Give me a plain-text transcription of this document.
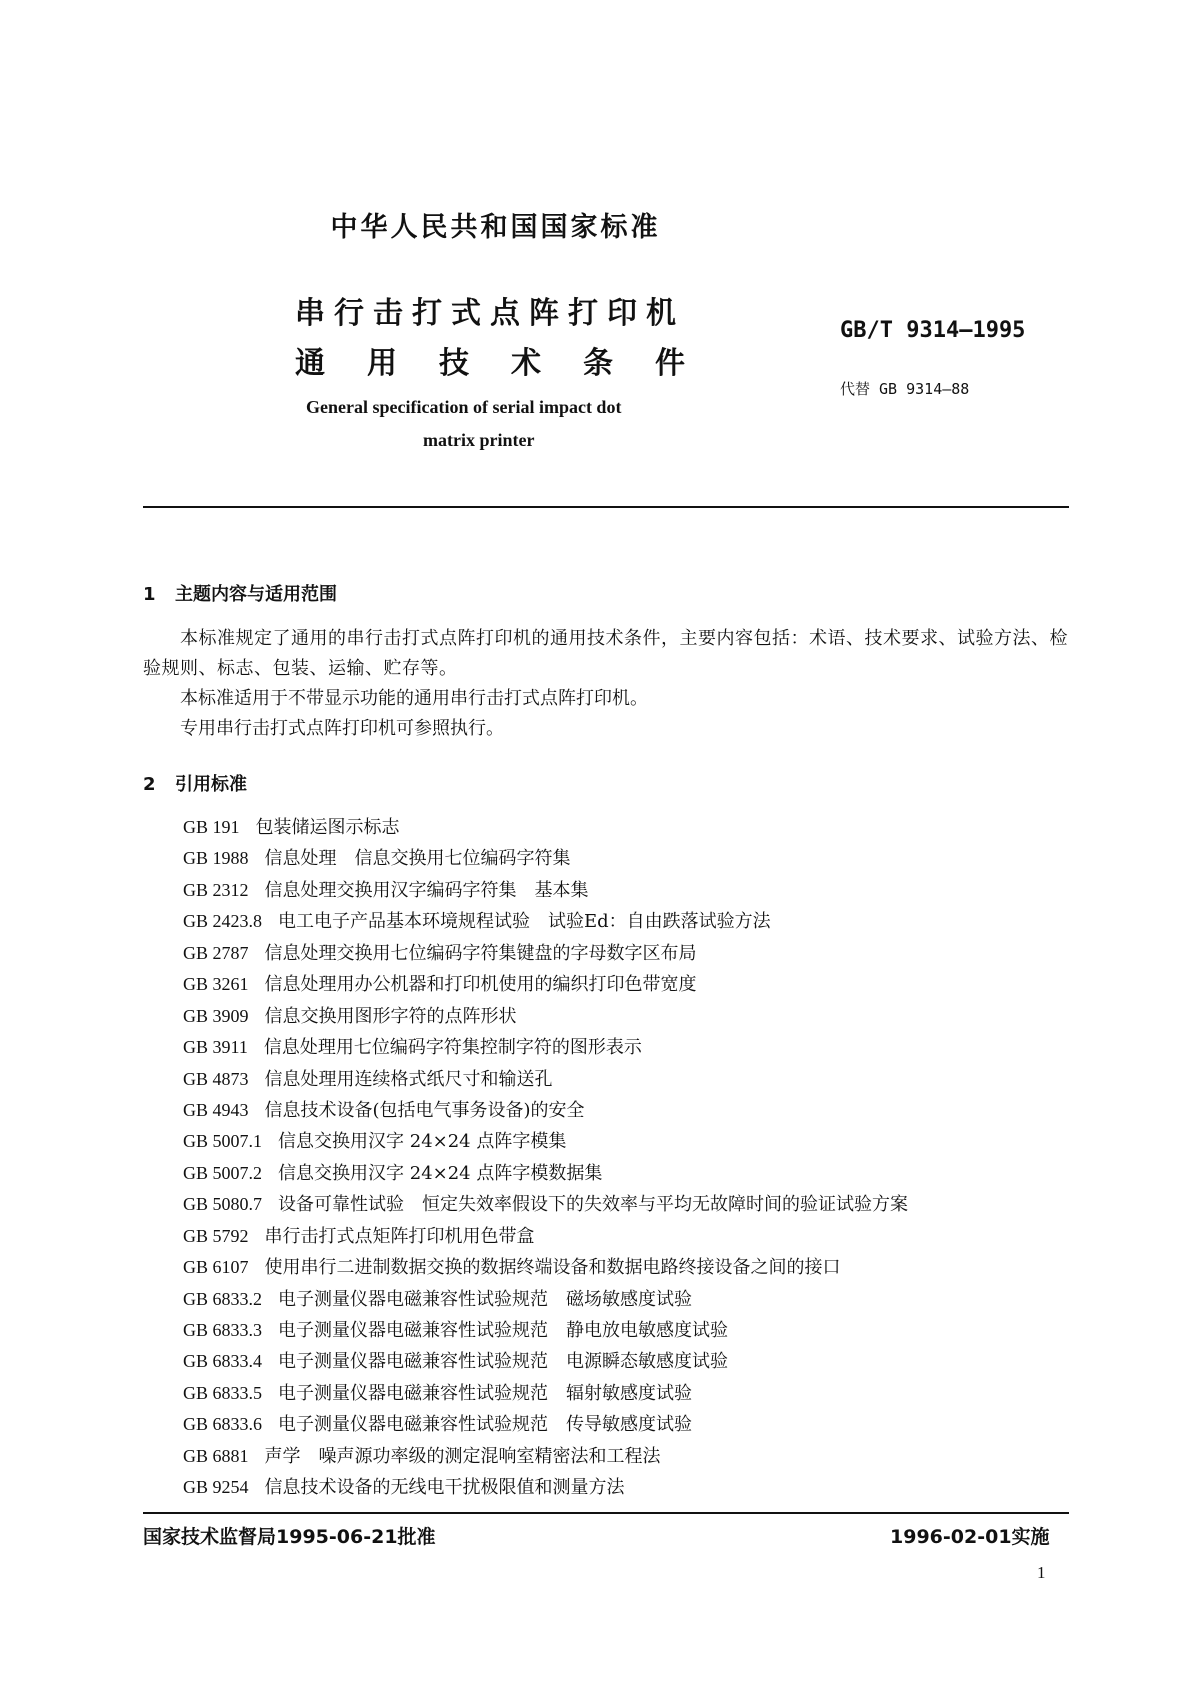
中华人民共和国国家标准
串行击打式点阵打印机
通用技术条件
GB/T 9314—1995
代替 GB 9314—88
General specification of serial impact dot
matrix printer
1 主题内容与适用范围
本标准规定了通用的串行击打式点阵打印机的通用技术条件，主要内容包括：术语、技术要求、试验方法、检验规则、标志、包装、运输、贮存等。
本标准适用于不带显示功能的通用串行击打式点阵打印机。
专用串行击打式点阵打印机可参照执行。
2 引用标准
GB 191 包装储运图示标志
GB 1988 信息处理　信息交换用七位编码字符集
GB 2312 信息处理交换用汉字编码字符集　基本集
GB 2423.8 电工电子产品基本环境规程试验　试验Ed：自由跌落试验方法
GB 2787 信息处理交换用七位编码字符集键盘的字母数字区布局
GB 3261 信息处理用办公机器和打印机使用的编织打印色带宽度
GB 3909 信息交换用图形字符的点阵形状
GB 3911 信息处理用七位编码字符集控制字符的图形表示
GB 4873 信息处理用连续格式纸尺寸和输送孔
GB 4943 信息技术设备(包括电气事务设备)的安全
GB 5007.1 信息交换用汉字 24×24 点阵字模集
GB 5007.2 信息交换用汉字 24×24 点阵字模数据集
GB 5080.7 设备可靠性试验　恒定失效率假设下的失效率与平均无故障时间的验证试验方案
GB 5792 串行击打式点矩阵打印机用色带盒
GB 6107 使用串行二进制数据交换的数据终端设备和数据电路终接设备之间的接口
GB 6833.2 电子测量仪器电磁兼容性试验规范　磁场敏感度试验
GB 6833.3 电子测量仪器电磁兼容性试验规范　静电放电敏感度试验
GB 6833.4 电子测量仪器电磁兼容性试验规范　电源瞬态敏感度试验
GB 6833.5 电子测量仪器电磁兼容性试验规范　辐射敏感度试验
GB 6833.6 电子测量仪器电磁兼容性试验规范　传导敏感度试验
GB 6881 声学　噪声源功率级的测定混响室精密法和工程法
GB 9254 信息技术设备的无线电干扰极限值和测量方法
国家技术监督局1995-06-21批准	1996-02-01实施
1
